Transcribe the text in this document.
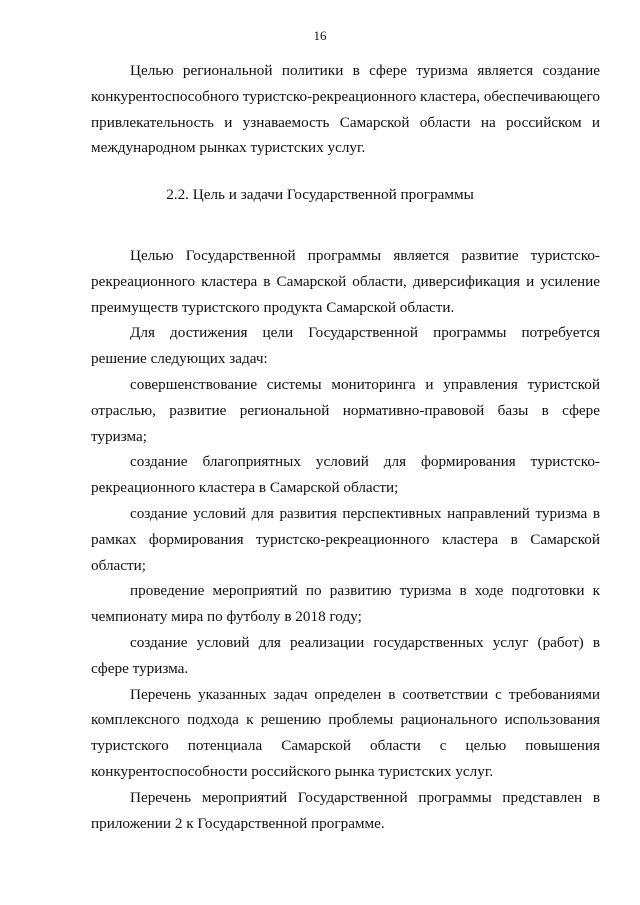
16

Целью региональной политики в сфере туризма является создание конкурентоспособного туристско-рекреационного кластера, обеспечивающего привлекательность и узнаваемость Самарской области на российском и международном рынках туристских услуг.

2.2. Цель и задачи Государственной программы

Целью Государственной программы является развитие туристско-рекреационного кластера в Самарской области, диверсификация и усиление преимуществ туристского продукта Самарской области.

Для достижения цели Государственной программы потребуется решение следующих задач:

совершенствование системы мониторинга и управления туристской отраслью, развитие региональной нормативно-правовой базы в сфере туризма;

создание благоприятных условий для формирования туристско-рекреационного кластера в Самарской области;

создание условий для развития перспективных направлений туризма в рамках формирования туристско-рекреационного кластера в Самарской области;

проведение мероприятий по развитию туризма в ходе подготовки к чемпионату мира по футболу в 2018 году;

создание условий для реализации государственных услуг (работ) в сфере туризма.

Перечень указанных задач определен в соответствии с требованиями комплексного подхода к решению проблемы рационального использования туристского потенциала Самарской области с целью повышения конкурентоспособности российского рынка туристских услуг.

Перечень мероприятий Государственной программы представлен в приложении 2 к Государственной программе.
